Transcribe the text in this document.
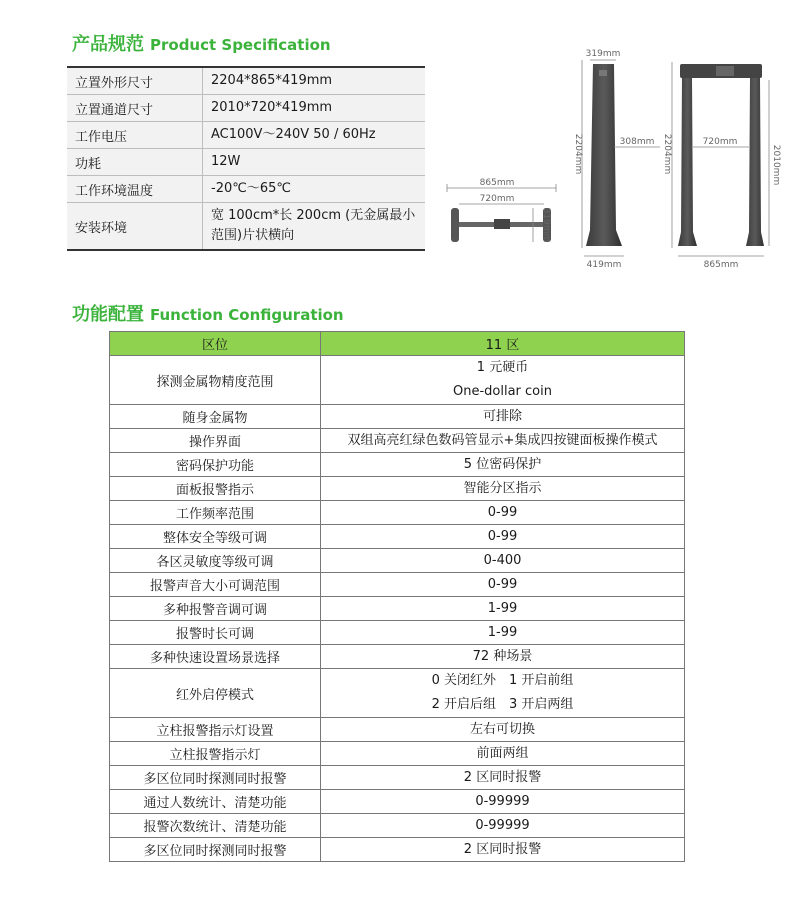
产品规范 Product Specification
立置外形尺寸	2204*865*419mm
立置通道尺寸	2010*720*419mm
工作电压	AC100V～240V 50 / 60Hz
功耗	12W
工作环境温度	-20℃～65℃
安装环境	宽 100cm*长 200cm (无金属最小
范围)片状横向
865mm
720mm
319mm
319mm
2204mm	308mm
419mm
2204mm	720mm
2010mm
865mm
功能配置 Function Configuration
区位	11 区
探测金属物精度范围	1 元硬币
One-dollar coin

随身金属物	可排除
操作界面	双组高亮红绿色数码管显示+集成四按键面板操作模式
密码保护功能	5 位密码保护
面板报警指示	智能分区指示
工作频率范围	0-99
整体安全等级可调	0-99
各区灵敏度等级可调	0-400
报警声音大小可调范围	0-99
多种报警音调可调	1-99
报警时长可调	1-99
多种快速设置场景选择	72 种场景
红外启停模式	0 关闭红外　1 开启前组
2 开启后组　3 开启两组

立柱报警指示灯设置	左右可切换
立柱报警指示灯	前面两组
多区位同时探测同时报警	2 区同时报警
通过人数统计、清楚功能	0-99999
报警次数统计、清楚功能	0-99999
多区位同时探测同时报警	2 区同时报警
